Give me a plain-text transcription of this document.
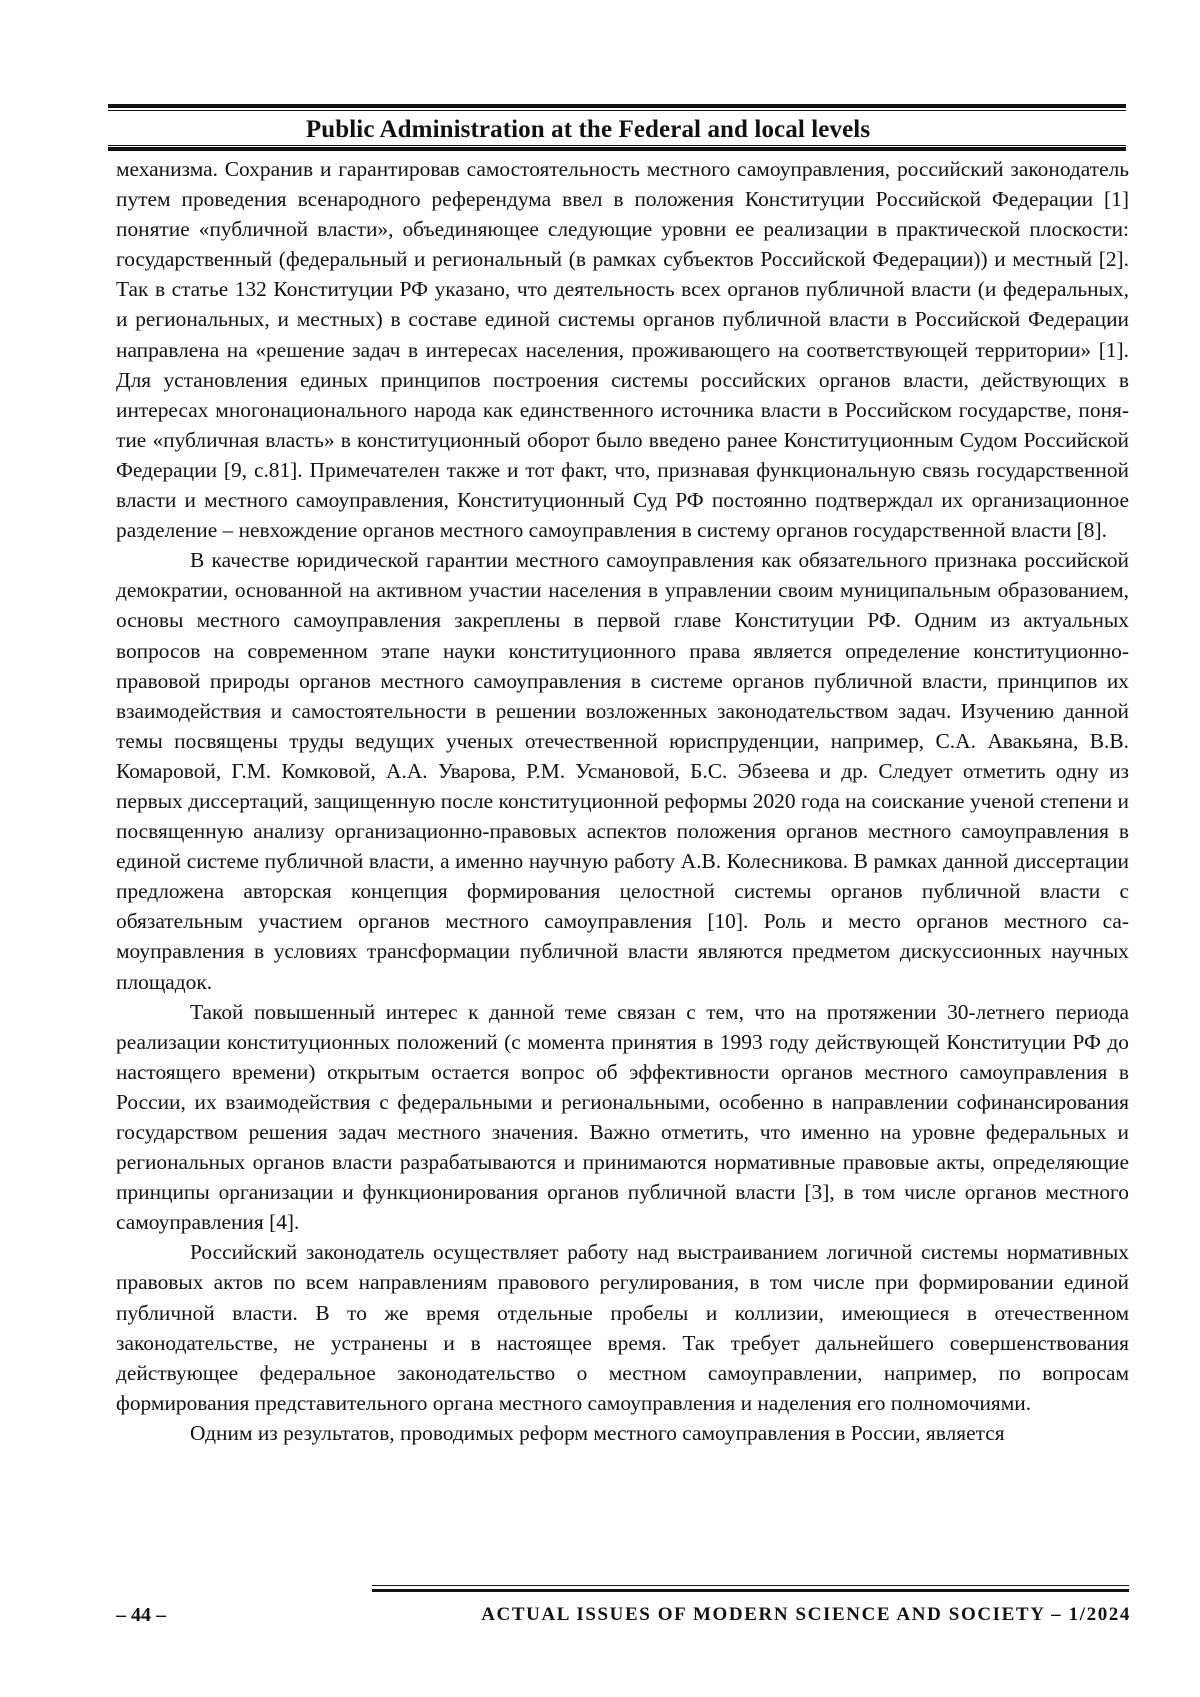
Public Administration at the Federal and local levels

механизма. Сохранив и гарантировав самостоятельность местного самоуправления, российский законодатель путем проведения всенародного референдума ввел в положения Конституции Российской Федерации [1] понятие «публичной власти», объединяющее следующие уровни ее реализации в практической плоскости: государственный (федеральный и региональный (в рамках субъектов Российской Федерации)) и местный [2]. Так в статье 132 Конституции РФ указано, что деятельность всех органов публичной власти (и федеральных, и региональных, и местных) в составе единой системы органов публичной власти в Российской Федерации направлена на «решение задач в интересах населения, проживающего на соответствующей территории» [1]. Для установления единых принципов построения системы российских органов власти, действующих в интересах многонационального народа как единственного источника власти в Российском государстве, понятие «публичная власть» в конституционный оборот было введено ранее Конституционным Судом Российской Федерации [9, с.81]. Примечателен также и тот факт, что, признавая функциональную связь государственной власти и местного самоуправления, Конституционный Суд РФ постоянно подтверждал их организационное разделение – невхождение органов местного самоуправления в систему органов государственной власти [8].

В качестве юридической гарантии местного самоуправления как обязательного признака российской демократии, основанной на активном участии населения в управлении своим муниципальным образованием, основы местного самоуправления закреплены в первой главе Конституции РФ. Одним из актуальных вопросов на современном этапе науки конституционного права является определение конституционно-правовой природы органов местного самоуправления в системе органов публичной власти, принципов их взаимодействия и самостоятельности в решении возложенных законодательством задач. Изучению данной темы посвящены труды ведущих ученых отечественной юриспруденции, например, С.А. Авакьяна, В.В. Комаровой, Г.М. Комковой, А.А. Уварова, Р.М. Усмановой, Б.С. Эбзеева и др. Следует отметить одну из первых диссертаций, защищенную после конституционной реформы 2020 года на соискание ученой степени и посвященную анализу организационно-правовых аспектов положения органов местного самоуправления в единой системе публичной власти, а именно научную работу А.В. Колесникова. В рамках данной диссертации предложена авторская концепция формирования целостной системы органов публичной власти с обязательным участием органов местного самоуправления [10]. Роль и место органов местного самоуправления в условиях трансформации публичной власти являются предметом дискуссионных научных площадок.

Такой повышенный интерес к данной теме связан с тем, что на протяжении 30-летнего периода реализации конституционных положений (с момента принятия в 1993 году действующей Конституции РФ до настоящего времени) открытым остается вопрос об эффективности органов местного самоуправления в России, их взаимодействия с федеральными и региональными, особенно в направлении софинансирования государством решения задач местного значения. Важно отметить, что именно на уровне федеральных и региональных органов власти разрабатываются и принимаются нормативные правовые акты, определяющие принципы организации и функционирования органов публичной власти [3], в том числе органов местного самоуправления [4].

Российский законодатель осуществляет работу над выстраиванием логичной системы нормативных правовых актов по всем направлениям правового регулирования, в том числе при формировании единой публичной власти. В то же время отдельные пробелы и коллизии, имеющиеся в отечественном законодательстве, не устранены и в настоящее время. Так требует дальнейшего совершенствования действующее федеральное законодательство о местном самоуправлении, например, по вопросам формирования представительного органа местного самоуправления и наделения его полномочиями.

Одним из результатов, проводимых реформ местного самоуправления в России, является

– 44 –	ACTUAL ISSUES OF MODERN SCIENCE AND SOCIETY – 1/2024
